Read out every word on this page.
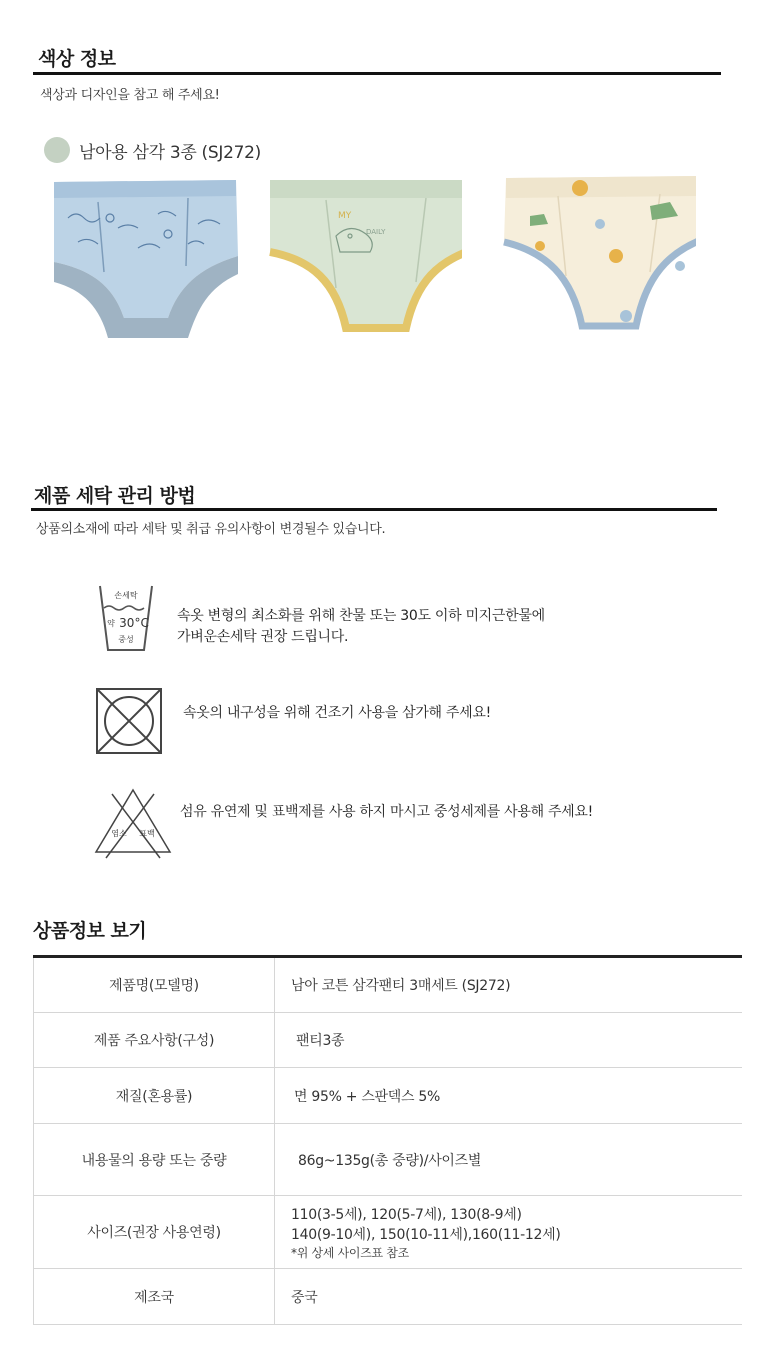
색상 정보
색상과 디자인을 참고 해 주세요!
남아용 삼각 3종 (SJ272)
MY
DAILY
제품 세탁 관리 방법
상품의소재에 따라 세탁 및 취급 유의사항이 변경될수 있습니다.
손세탁
약 30°C
중성
속옷 변형의 최소화를 위해 찬물 또는 30도 이하 미지근한물에
가벼운손세탁 권장 드립니다.
속옷의 내구성을 위해 건조기 사용을 삼가해 주세요!
염소 표백
섬유 유연제 및 표백제를 사용 하지 마시고 중성세제를 사용해 주세요!
상품정보 보기
제품명(모델명)	남아 코튼 삼각팬티 3매세트 (SJ272)
제품 주요사항(구성)	팬티3종
재질(혼용률)	면 95% + 스판덱스 5%
내용물의 용량 또는 중량	86g~135g(총 중량)/사이즈별
사이즈(권장 사용연령)	110(3-5세), 120(5-7세), 130(8-9세)
140(9-10세), 150(10-11세),160(11-12세)
*위 상세 사이즈표 참조

제조국	중국
